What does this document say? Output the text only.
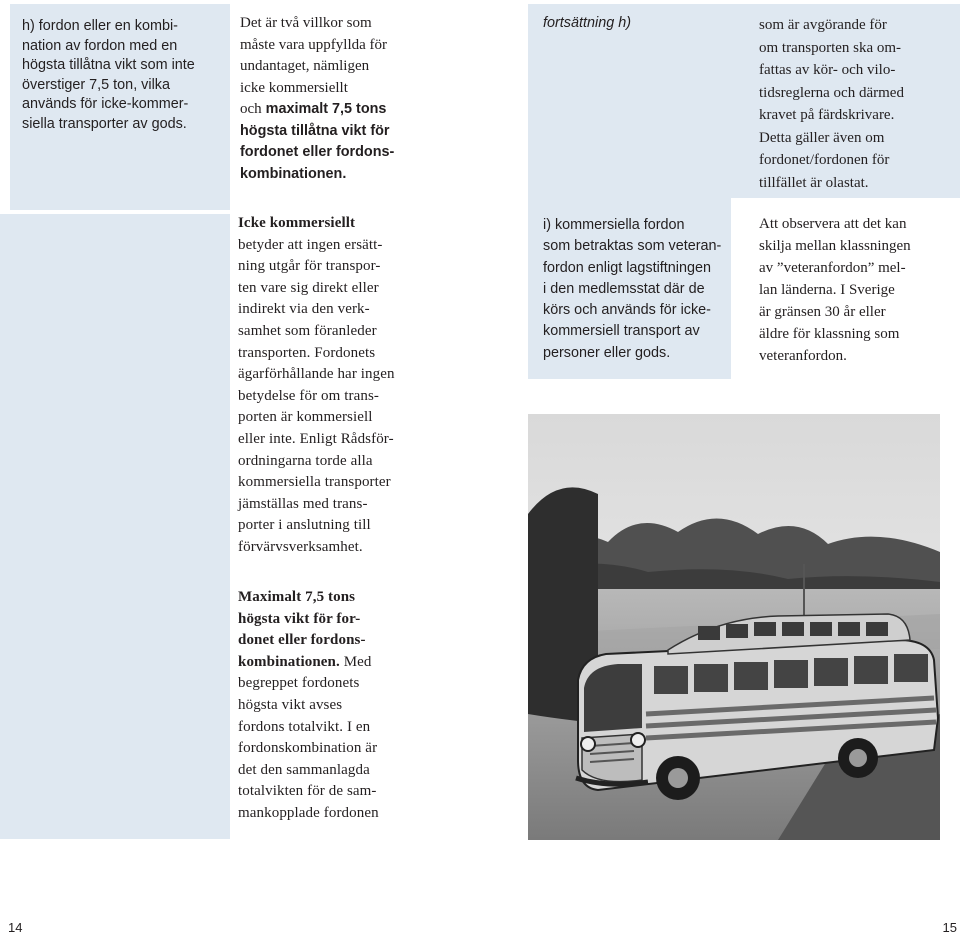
h) fordon eller en kombi-
nation av fordon med en
högsta tillåtna vikt som inte
överstiger 7,5 ton, vilka
används för icke-kommer-
siella transporter av gods.
Det är två villkor som
måste vara uppfyllda för
undantaget, nämligen
icke kommersiellt
och maximalt 7,5 tons
högsta tillåtna vikt för
fordonet eller fordons-
kombinationen.
Icke kommersiellt
betyder att ingen ersätt-
ning utgår för transpor-
ten vare sig direkt eller
indirekt via den verk-
samhet som föranleder
transporten. Fordonets
ägarförhållande har ingen
betydelse för om trans-
porten är kommersiell
eller inte. Enligt Rådsför-
ordningarna torde alla
kommersiella transporter
jämställas med trans-
porter i anslutning till
förvärvsverksamhet.
Maximalt 7,5 tons
högsta vikt för for-
donet eller fordons-
kombinationen. Med
begreppet fordonets
högsta vikt avses
fordons totalvikt. I en
fordonskombination är
det den sammanlagda
totalvikten för de sam-
mankopplade fordonen
14
fortsättning h)	som är avgörande för
om transporten ska om-
fattas av kör- och vilo-
tidsreglerna och därmed
kravet på färdskrivare.
Detta gäller även om
fordonet/fordonen för
tillfället är olastat.
i) kommersiella fordon
som betraktas som veteran-
fordon enligt lagstiftningen
i den medlemsstat där de
körs och används för icke-
kommersiell transport av
personer eller gods.
Att observera att det kan
skilja mellan klassningen
av ”veteranfordon” mel-
lan länderna. I Sverige
är gränsen 30 år eller
äldre för klassning som
veteranfordon.
15
